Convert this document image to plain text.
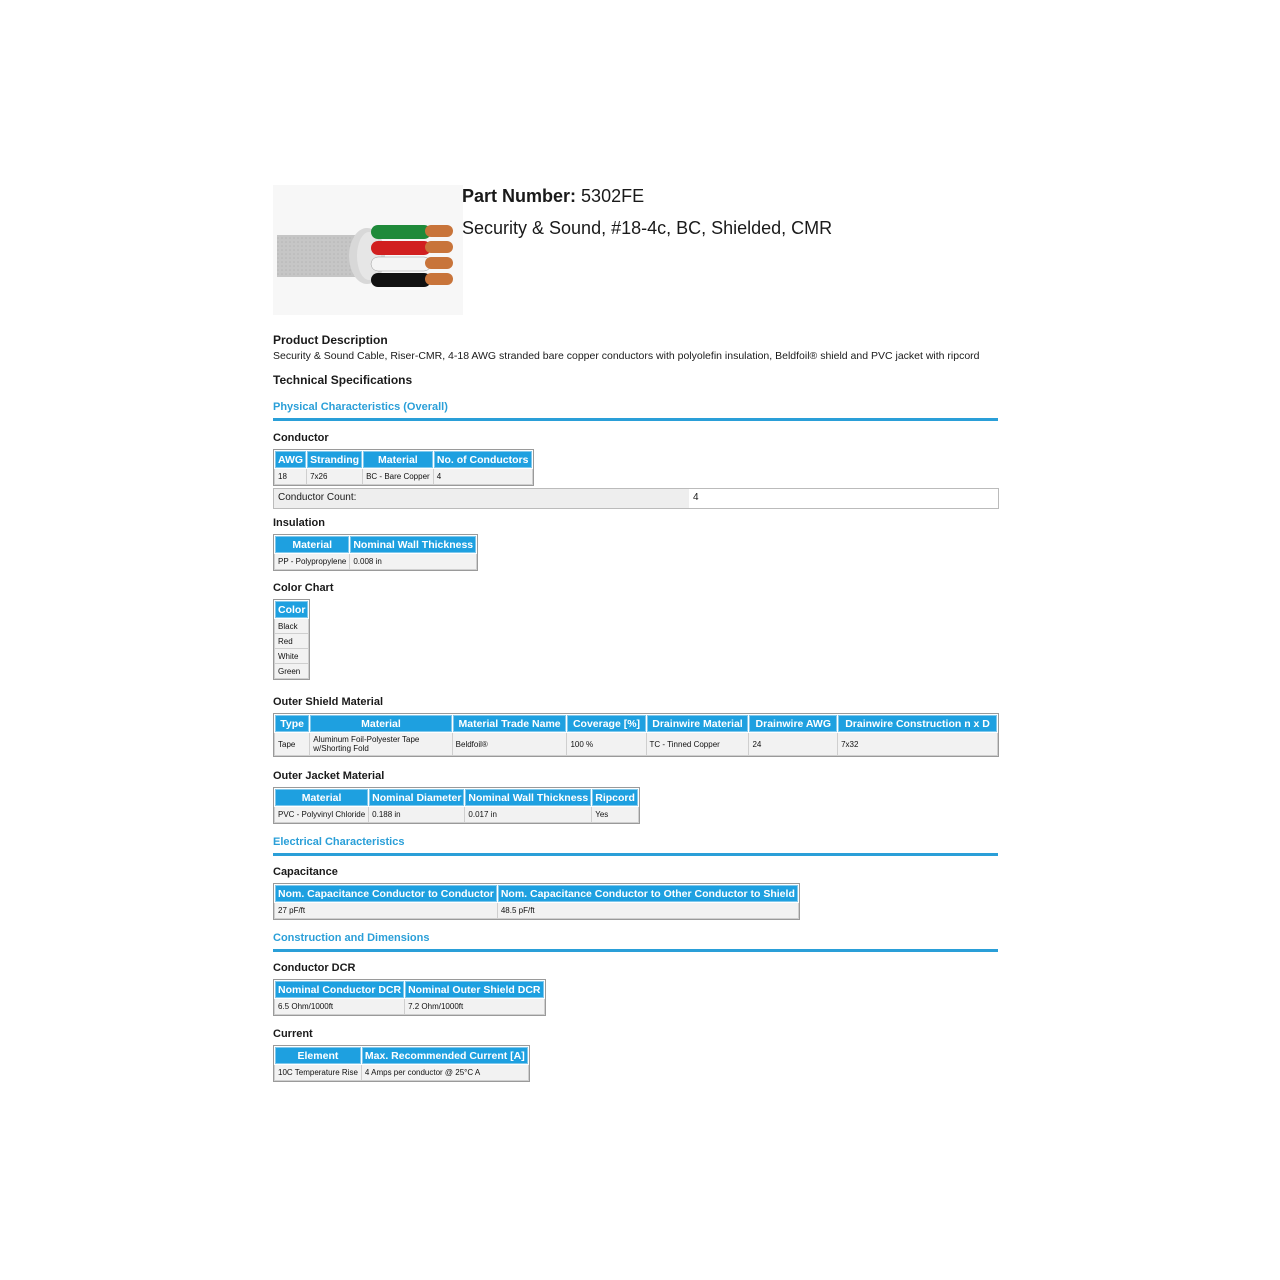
Part Number: 5302FE
Security & Sound, #18-4c, BC, Shielded, CMR
Product Description
Security & Sound Cable, Riser-CMR, 4-18 AWG stranded bare copper conductors with polyolefin insulation, Beldfoil® shield and PVC jacket with ripcord
Technical Specifications
Physical Characteristics (Overall)
Conductor
AWG	Stranding	Material	No. of Conductors
18	7x26	BC - Bare Copper	4
Conductor Count:	4
Insulation
Material	Nominal Wall Thickness
PP - Polypropylene	0.008 in
Color Chart
Color
Black
Red
White
Green
Outer Shield Material
Type	Material	Material Trade Name	Coverage [%]	Drainwire Material	Drainwire AWG	Drainwire Construction n x D
Tape	Aluminum Foil-Polyester Tape w/Shorting Fold	Beldfoil®	100 %	TC - Tinned Copper	24	7x32
Outer Jacket Material
Material	Nominal Diameter	Nominal Wall Thickness	Ripcord
PVC - Polyvinyl Chloride	0.188 in	0.017 in	Yes
Electrical Characteristics
Capacitance
Nom. Capacitance Conductor to Conductor	Nom. Capacitance Conductor to Other Conductor to Shield
27 pF/ft	48.5 pF/ft
Construction and Dimensions
Conductor DCR
Nominal Conductor DCR	Nominal Outer Shield DCR
6.5 Ohm/1000ft	7.2 Ohm/1000ft
Current
Element	Max. Recommended Current [A]
10C Temperature Rise	4 Amps per conductor @ 25°C A
